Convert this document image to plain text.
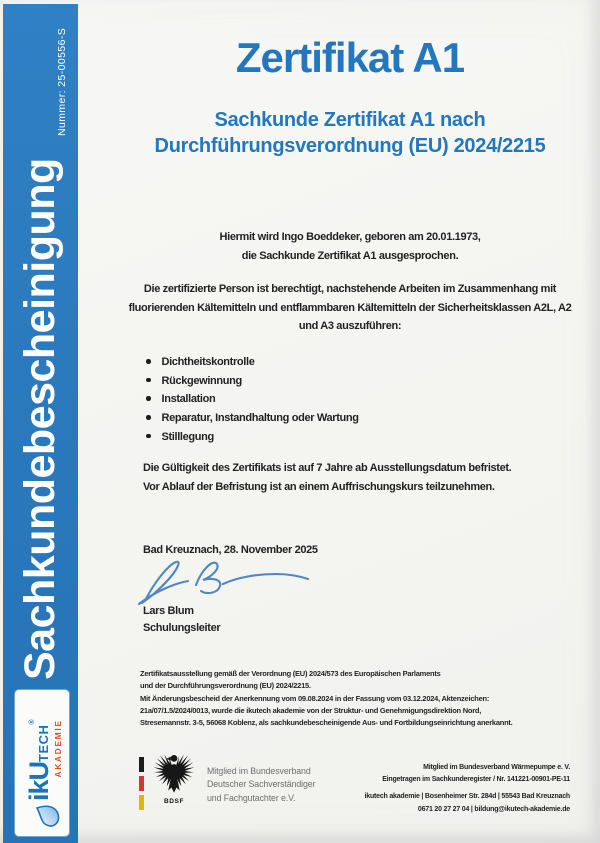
Nummer: 25-00556-S
Sachkundebescheinigung
ikUTECH®	AKADEMIE
Zertifikat A1
Sachkunde Zertifikat A1 nach
Durchführungsverordnung (EU) 2024/2215
Hiermit wird Ingo Boeddeker, geboren am 20.01.1973,
die Sachkunde Zertifikat A1 ausgesprochen.
Die zertifizierte Person ist berechtigt, nachstehende Arbeiten im Zusammenhang mit
fluorierenden Kältemitteln und entflammbaren Kältemitteln der Sicherheitsklassen A2L, A2
und A3 auszuführen:
Dichtheitskontrolle
Rückgewinnung
Installation
Reparatur, Instandhaltung oder Wartung
Stilllegung
Die Gültigkeit des Zertifikats ist auf 7 Jahre ab Ausstellungsdatum befristet.
Vor Ablauf der Befristung ist an einem Auffrischungskurs teilzunehmen.
Bad Kreuznach, 28. November 2025
Lars Blum
Schulungsleiter
Zertifikatsausstellung gemäß der Verordnung (EU) 2024/573 des Europäischen Parlaments
und der Durchführungsverordnung (EU) 2024/2215.
Mit Änderungsbescheid der Anerkennung vom 09.08.2024 in der Fassung vom 03.12.2024, Aktenzeichen:
21a/07/1.5/2024/0013, wurde die ikutech akademie von der Struktur- und Genehmigungsdirektion Nord,
Stresemannstr. 3-5, 56068 Koblenz, als sachkundebescheinigende Aus- und Fortbildungseinrichtung anerkannt.
BDSF
Mitglied im Bundesverband
Deutscher Sachverständiger
und Fachgutachter e.V.
Mitglied im Bundesverband Wärmepumpe e. V.
Eingetragen im Sachkunderegister / Nr. 141221-00901-PE-11
ikutech akademie | Bosenheimer Str. 284d | 55543 Bad Kreuznach
0671 20 27 27 04 | bildung@ikutech-akademie.de
